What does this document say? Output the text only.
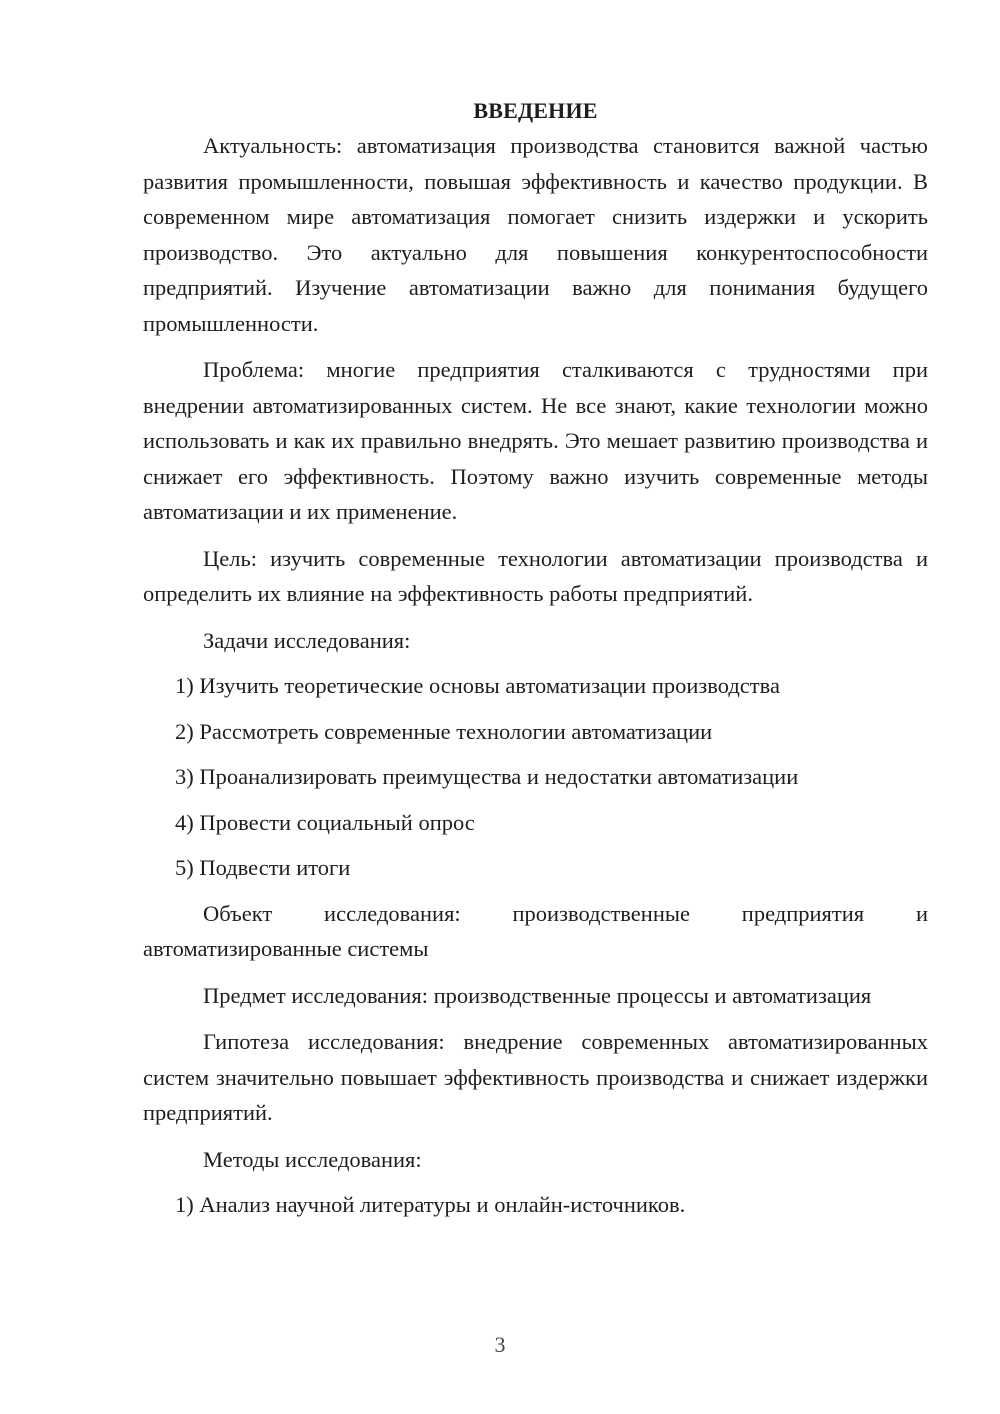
ВВЕДЕНИЕ

Актуальность: автоматизация производства становится важной частью развития промышленности, повышая эффективность и качество продукции. В современном мире автоматизация помогает снизить издержки и ускорить производство. Это актуально для повышения конкурентоспособности предприятий. Изучение автоматизации важно для понимания будущего промышленности.

Проблема: многие предприятия сталкиваются с трудностями при внедрении автоматизированных систем. Не все знают, какие технологии можно использовать и как их правильно внедрять. Это мешает развитию производства и снижает его эффективность. Поэтому важно изучить современные методы автоматизации и их применение.

Цель: изучить современные технологии автоматизации производства и определить их влияние на эффективность работы предприятий.

Задачи исследования:
1) Изучить теоретические основы автоматизации производства
2) Рассмотреть современные технологии автоматизации
3) Проанализировать преимущества и недостатки автоматизации
4) Провести социальный опрос
5) Подвести итоги

Объект исследования: производственные предприятия и автоматизированные системы

Предмет исследования: производственные процессы и автоматизация

Гипотеза исследования: внедрение современных автоматизированных систем значительно повышает эффективность производства и снижает издержки предприятий.

Методы исследования:
1) Анализ научной литературы и онлайн-источников.
3
